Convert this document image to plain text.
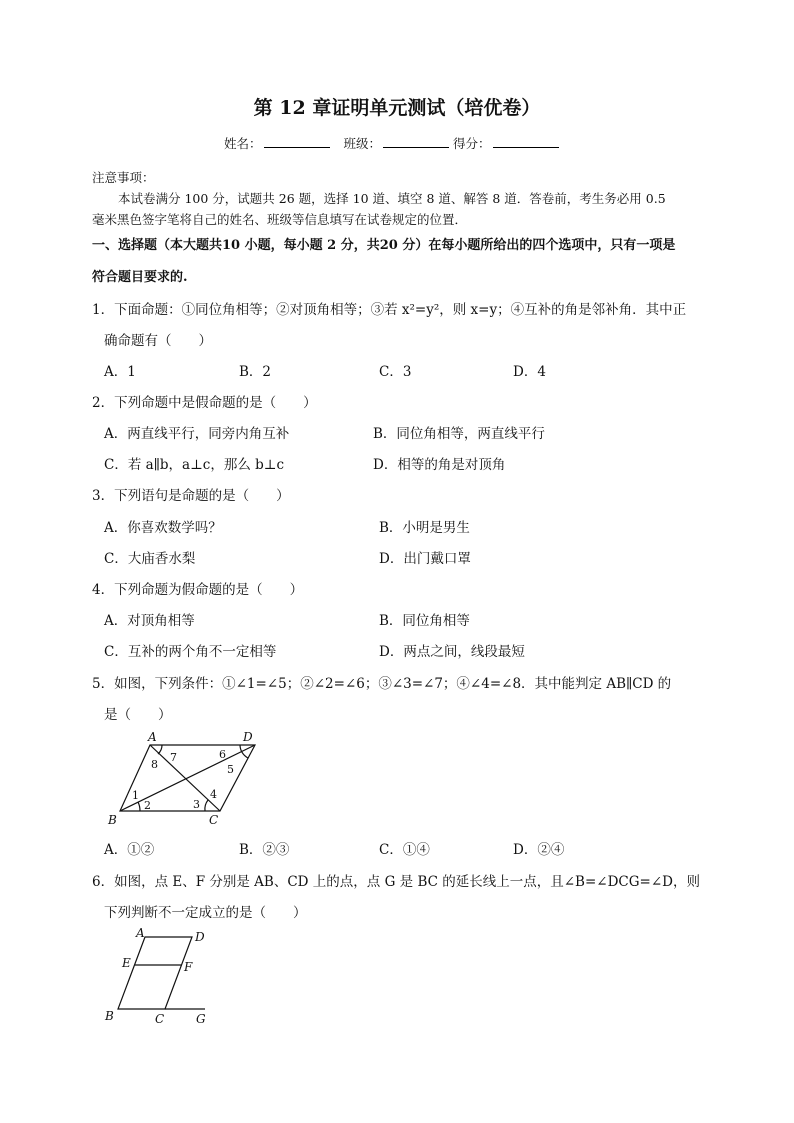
第 12 章证明单元测试（培优卷）
姓名：	班级：	得分：
注意事项：
本试卷满分 100 分，试题共 26 题，选择 10 道、填空 8 道、解答 8 道．答卷前，考生务必用 0.5
毫米黑色签字笔将自己的姓名、班级等信息填写在试卷规定的位置．
一、选择题（本大题共10 小题，每小题 2 分，共20 分）在每小题所给出的四个选项中，只有一项是
符合题目要求的.
1．下面命题：①同位角相等；②对顶角相等；③若 x²=y²，则 x=y；④互补的角是邻补角．其中正
确命题有（　　）
A．1	B．2	C．3	D．4
2．下列命题中是假命题的是（　　）
A．两直线平行，同旁内角互补	B．同位角相等，两直线平行
C．若 a∥b，a⊥c，那么 b⊥c	D．相等的角是对顶角
3．下列语句是命题的是（　　）
A．你喜欢数学吗？	B．小明是男生
C．大庙香水梨	D．出门戴口罩
4．下列命题为假命题的是（　　）
A．对顶角相等	B．同位角相等
C．互补的两个角不一定相等	D．两点之间，线段最短
5．如图，下列条件：①∠1=∠5；②∠2=∠6；③∠3=∠7；④∠4=∠8．其中能判定 AB∥CD 的
是（　　）
A	D
B	C
1
2	3
4
5
6
7
8
A．①②	B．②③	C．①④	D．②④
6．如图，点 E、F 分别是 AB、CD 上的点，点 G 是 BC 的延长线上一点，且∠B=∠DCG=∠D，则
下列判断不一定成立的是（　　）
A	D
E	F
B	C	G
